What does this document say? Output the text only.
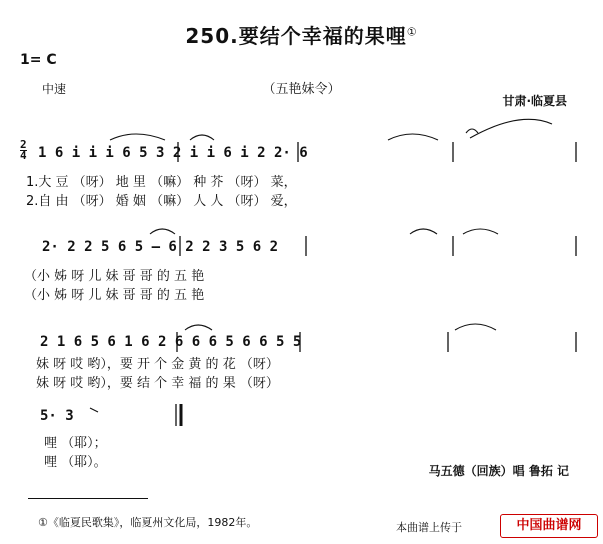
250.要结个幸福的果哩①
1= C
中速	（五艳妹令）
甘肃·临夏县
2
4 1 6 i i i 6 5 3 2 i i 6 i 2 2· 6
1.大 豆 （呀） 地 里 （嘛） 种 芥 （呀） 菜，
2.自 由 （呀） 婚 姻 （嘛） 人 人 （呀） 爱，
2· 2 2 5 6 5 — 6 2 2 3 5 6 2
（小 姊 呀 儿 妹 哥 哥 的 五 艳
（小 姊 呀 儿 妹 哥 哥 的 五 艳
2 1 6 5 6 1 6 2 6 6 6 5 6 6 5 5
妹 呀 哎 哟），要 开 个 金 黄 的 花 （呀）
妹 呀 哎 哟），要 结 个 幸 福 的 果 （呀）
5· 3
哩 （耶）；
哩 （耶）。
马五德（回族）唱 鲁拓 记
①《临夏民歌集》，临夏州文化局，1982年。	本曲谱上传于	中国曲谱网
